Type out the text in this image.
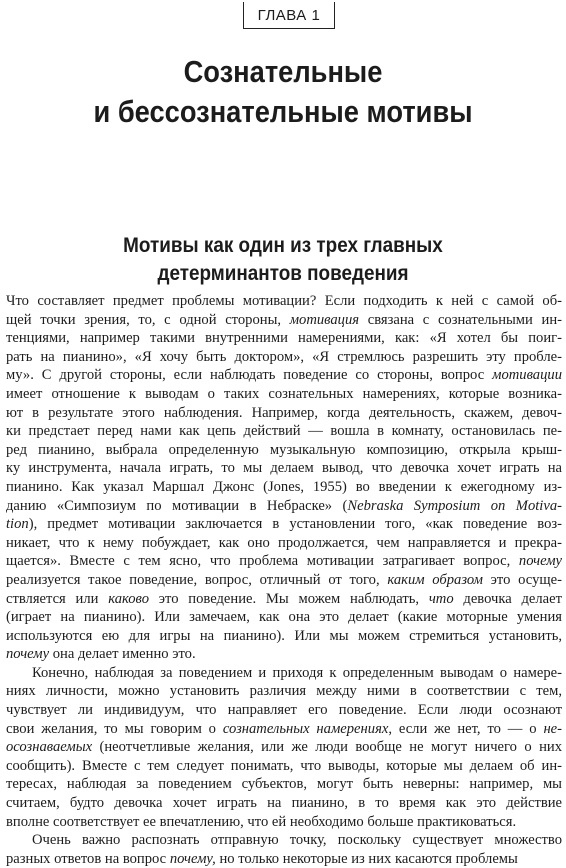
ГЛАВА 1
Сознательные
и бессознательные мотивы
Мотивы как один из трех главных
детерминантов поведения
Что составляет предмет проблемы мотивации? Если подходить к ней с самой об-
щей точки зрения, то, с одной стороны, мотивация связана с сознательными ин-
тенциями, например такими внутренними намерениями, как: «Я хотел бы поиг-
рать на пианино», «Я хочу быть доктором», «Я стремлюсь разрешить эту пробле-
му». С другой стороны, если наблюдать поведение со стороны, вопрос мотивации
имеет отношение к выводам о таких сознательных намерениях, которые возника-
ют в результате этого наблюдения. Например, когда деятельность, скажем, девоч-
ки предстает перед нами как цепь действий — вошла в комнату, остановилась пе-
ред пианино, выбрала определенную музыкальную композицию, открыла крыш-
ку инструмента, начала играть, то мы делаем вывод, что девочка хочет играть на
пианино. Как указал Маршал Джонс (Jones, 1955) во введении к ежегодному из-
данию «Симпозиум по мотивации в Небраске» (Nebraska Symposium on Motiva-
tion), предмет мотивации заключается в установлении того, «как поведение воз-
никает, что к нему побуждает, как оно продолжается, чем направляется и прекра-
щается». Вместе с тем ясно, что проблема мотивации затрагивает вопрос, почему
реализуется такое поведение, вопрос, отличный от того, каким образом это осуще-
ствляется или каково это поведение. Мы можем наблюдать, что девочка делает
(играет на пианино). Или замечаем, как она это делает (какие моторные умения
используются ею для игры на пианино). Или мы можем стремиться установить,
почему она делает именно это.
Конечно, наблюдая за поведением и приходя к определенным выводам о намере-
ниях личности, можно установить различия между ними в соответствии с тем,
чувствует ли индивидуум, что направляет его поведение. Если люди осознают
свои желания, то мы говорим о сознательных намерениях, если же нет, то — о не-
осознаваемых (неотчетливые желания, или же люди вообще не могут ничего о них
сообщить). Вместе с тем следует понимать, что выводы, которые мы делаем об ин-
тересах, наблюдая за поведением субъектов, могут быть неверны: например, мы
считаем, будто девочка хочет играть на пианино, в то время как это действие
вполне соответствует ее впечатлению, что ей необходимо больше практиковаться.
Очень важно распознать отправную точку, поскольку существует множество
разных ответов на вопрос почему, но только некоторые из них касаются проблемы
